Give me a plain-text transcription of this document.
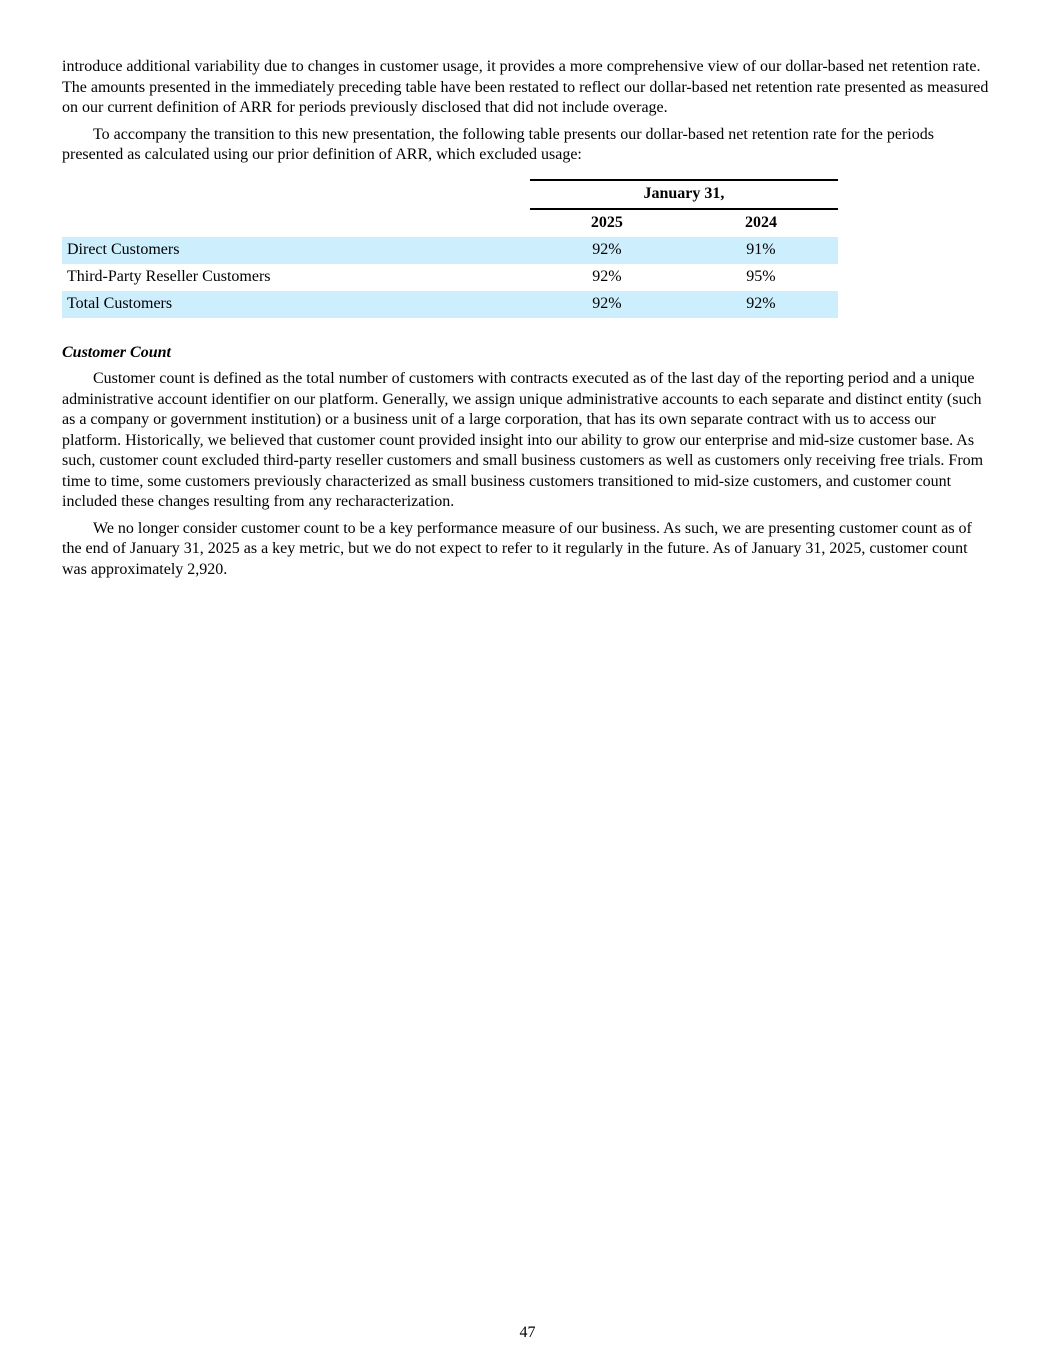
introduce additional variability due to changes in customer usage, it provides a more comprehensive view of our dollar-based net retention rate. The amounts presented in the immediately preceding table have been restated to reflect our dollar-based net retention rate presented as measured on our current definition of ARR for periods previously disclosed that did not include overage.

To accompany the transition to this new presentation, the following table presents our dollar-based net retention rate for the periods presented as calculated using our prior definition of ARR, which excluded usage:

	January 31,	
	2025	2024
Direct Customers	92%	91%
Third-Party Reseller Customers	92%	95%
Total Customers	92%	92%
Customer Count

Customer count is defined as the total number of customers with contracts executed as of the last day of the reporting period and a unique administrative account identifier on our platform. Generally, we assign unique administrative accounts to each separate and distinct entity (such as a company or government institution) or a business unit of a large corporation, that has its own separate contract with us to access our platform. Historically, we believed that customer count provided insight into our ability to grow our enterprise and mid-size customer base. As such, customer count excluded third-party reseller customers and small business customers as well as customers only receiving free trials. From time to time, some customers previously characterized as small business customers transitioned to mid-size customers, and customer count included these changes resulting from any recharacterization.

We no longer consider customer count to be a key performance measure of our business. As such, we are presenting customer count as of the end of January 31, 2025 as a key metric, but we do not expect to refer to it regularly in the future. As of January 31, 2025, customer count was approximately 2,920.

47
